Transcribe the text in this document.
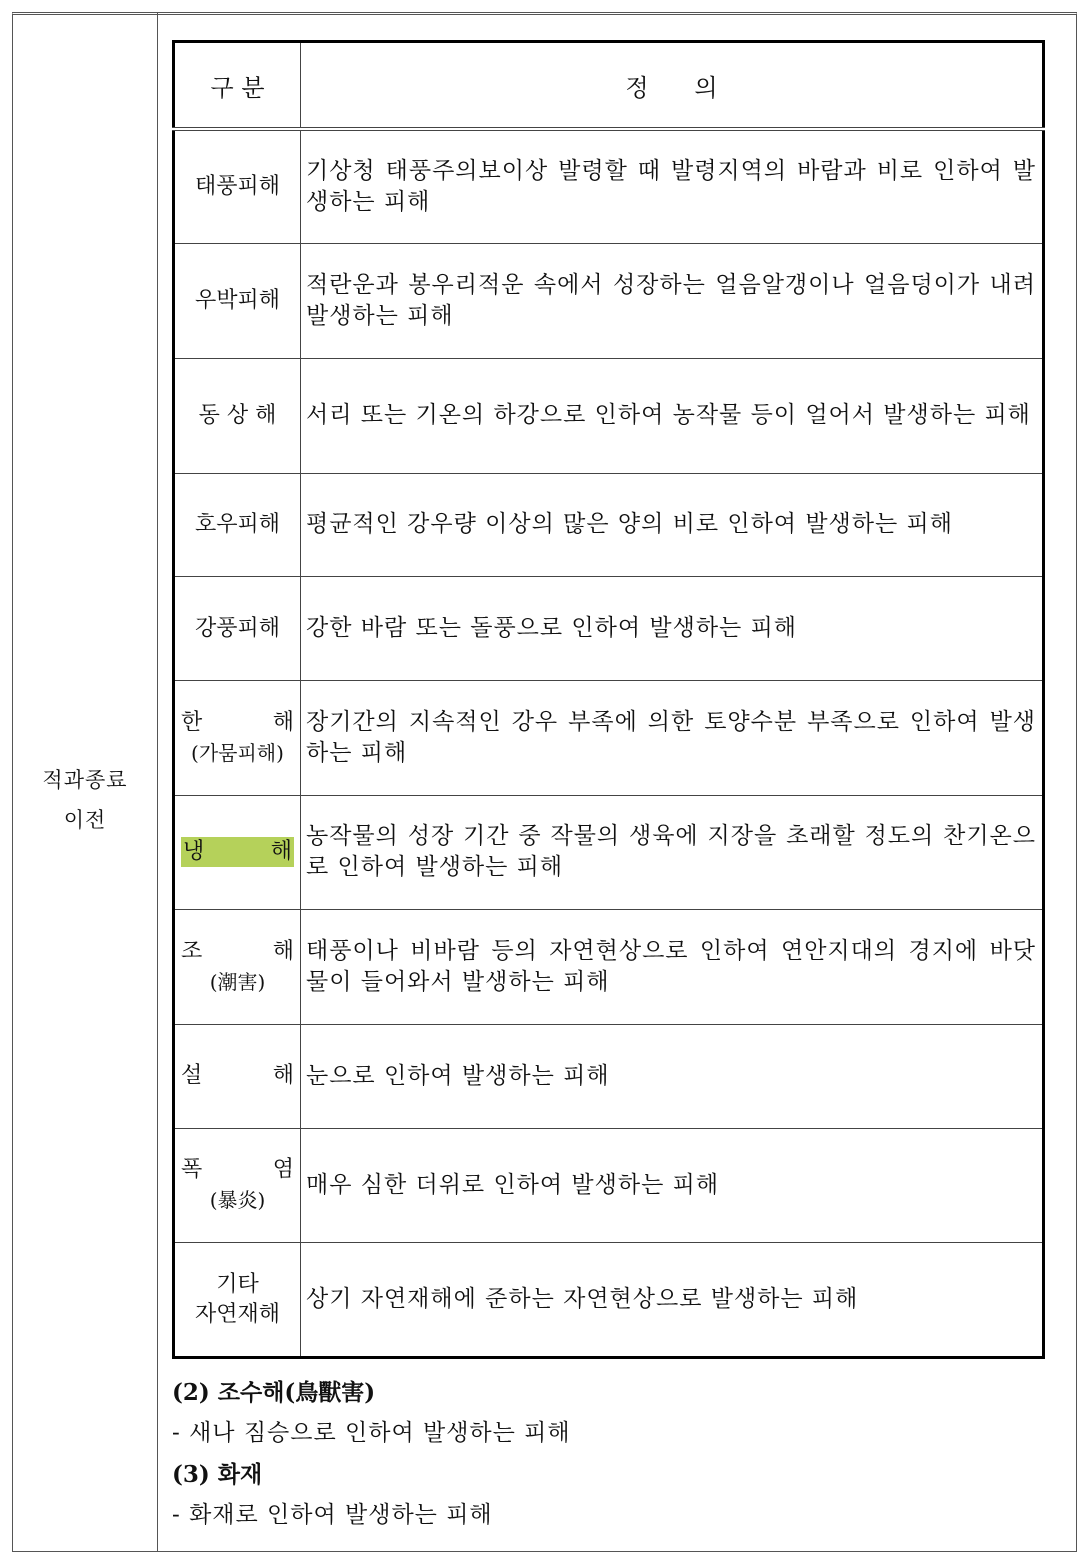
적과종료
이전
구 분	정      의

태풍피해	기상청 태풍주의보이상 발령할 때 발령지역의 바람과 비로 인하여 발생하는 피해

우박피해	적란운과 봉우리적운 속에서 성장하는 얼음알갱이나 얼음덩이가 내려 발생하는 피해

동 상 해	서리 또는 기온의 하강으로 인하여 농작물 등이 얼어서 발생하는 피해

호우피해	평균적인 강우량 이상의 많은 양의 비로 인하여 발생하는 피해

강풍피해	강한 바람 또는 돌풍으로 인하여 발생하는 피해

한 해
(가뭄피해)	장기간의 지속적인 강우 부족에 의한 토양수분 부족으로 인하여 발생하는 피해

냉 해	농작물의 성장 기간 중 작물의 생육에 지장을 초래할 정도의 찬기온으로 인하여 발생하는 피해

조 해
(潮害)	태풍이나 비바람 등의 자연현상으로 인하여 연안지대의 경지에 바닷물이 들어와서 발생하는 피해

설 해	눈으로 인하여 발생하는 피해

폭 염
(暴炎)	매우 심한 더위로 인하여 발생하는 피해

기타
자연재해	상기 자연재해에 준하는 자연현상으로 발생하는 피해
(2) 조수해(鳥獸害)
- 새나 짐승으로 인하여 발생하는 피해
(3) 화재
- 화재로 인하여 발생하는 피해
